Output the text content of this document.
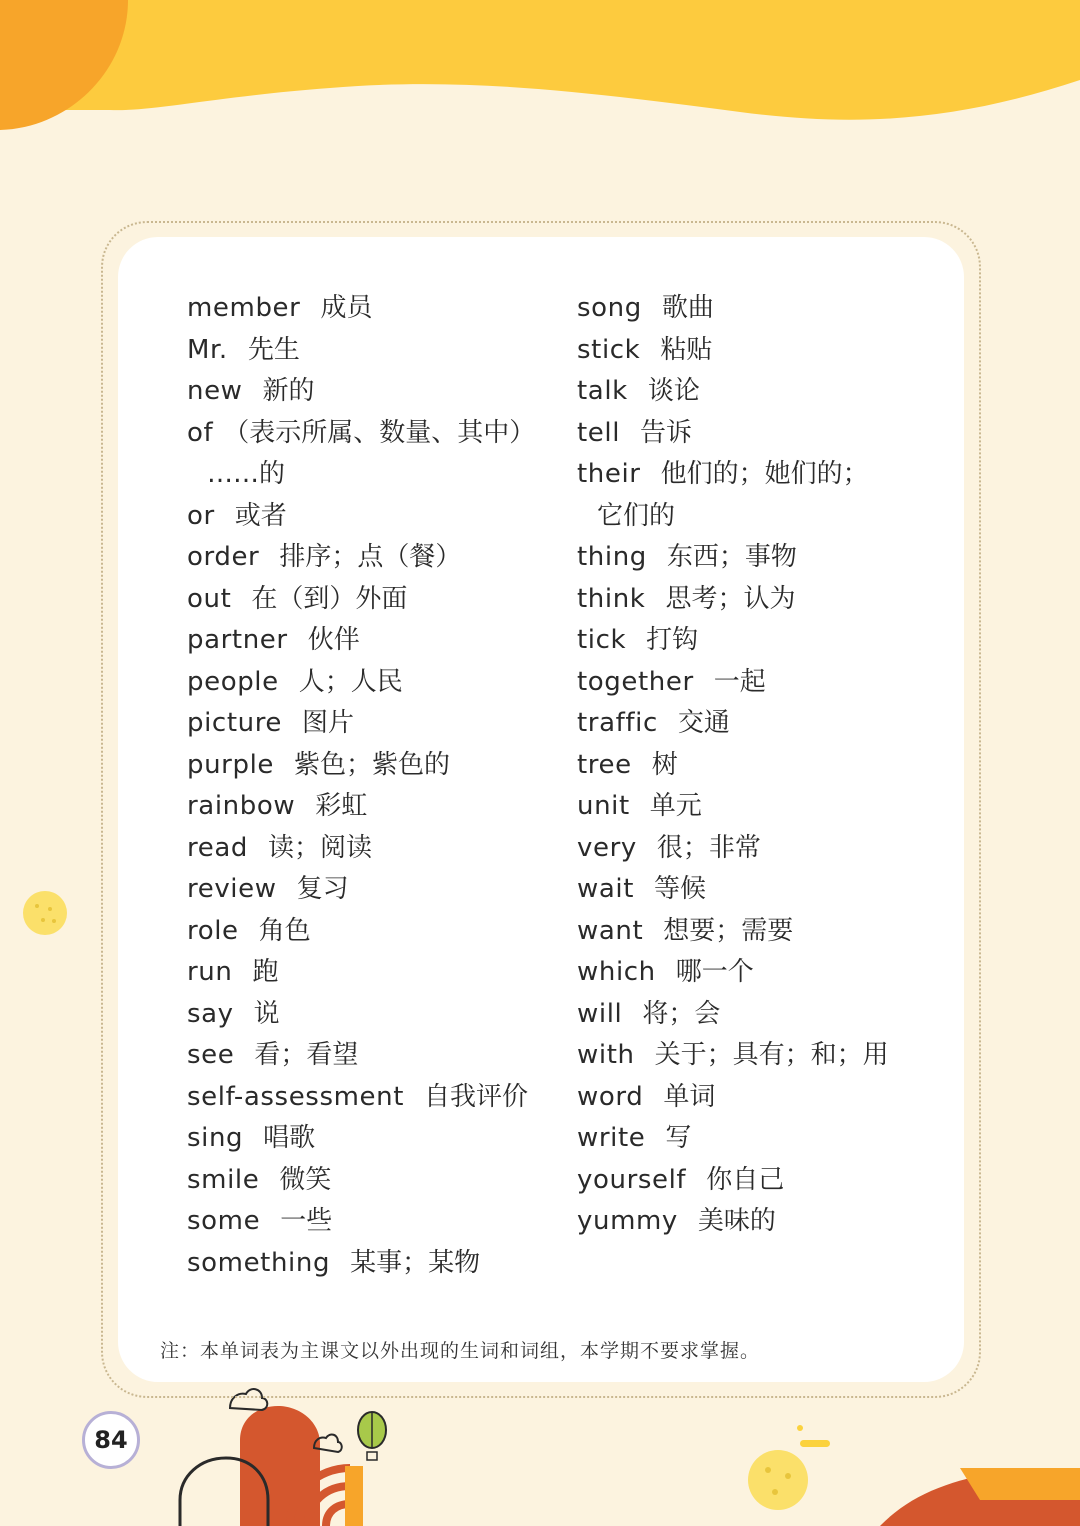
member 成员
Mr. 先生
new 新的
of （表示所属、数量、其中）
……的
or 或者
order 排序；点（餐）
out 在（到）外面
partner 伙伴
people 人；人民
picture 图片
purple 紫色；紫色的
rainbow 彩虹
read 读；阅读
review 复习
role 角色
run 跑
say 说
see 看；看望
self-assessment 自我评价
sing 唱歌
smile 微笑
some 一些
something 某事；某物
song 歌曲
stick 粘贴
talk 谈论
tell 告诉
their 他们的；她们的；
它们的
thing 东西；事物
think 思考；认为
tick 打钩
together 一起
traffic 交通
tree 树
unit 单元
very 很；非常
wait 等候
want 想要；需要
which 哪一个
will 将；会
with 关于；具有；和；用
word 单词
write 写
yourself 你自己
yummy 美味的
注：本单词表为主课文以外出现的生词和词组，本学期不要求掌握。
84
